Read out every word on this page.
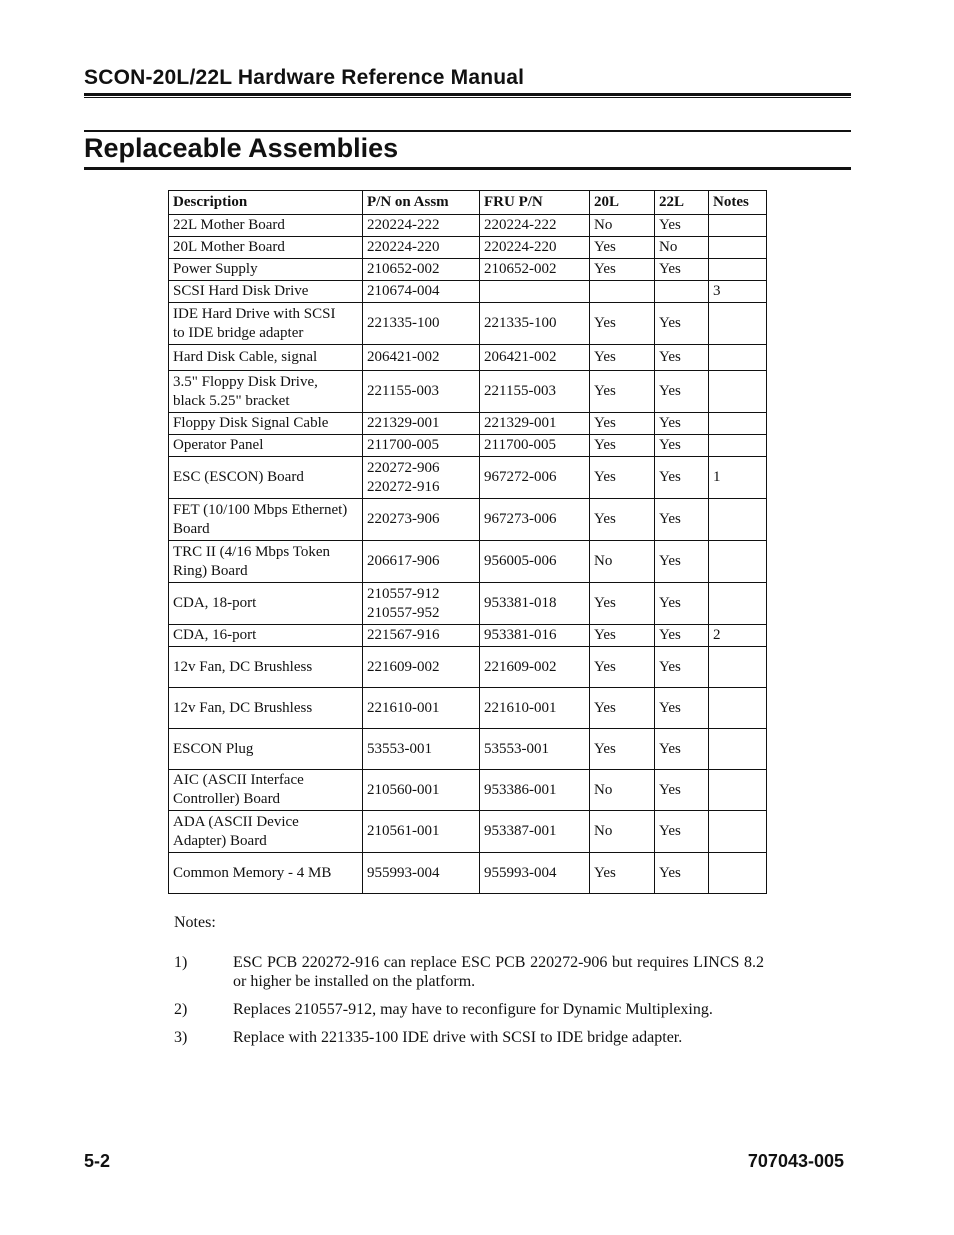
SCON-20L/22L Hardware Reference Manual
Replaceable Assemblies
Description	P/N on Assm	FRU P/N	20L	22L	Notes

22L Mother Board	220224-222	220224-222	No	Yes	

20L Mother Board	220224-220	220224-220	Yes	No	

Power Supply	210652-002	210652-002	Yes	Yes	

SCSI Hard Disk Drive	210674-004				3

IDE Hard Drive with SCSI
to IDE bridge adapter	221335-100	221335-100	Yes	Yes	

Hard Disk Cable, signal	206421-002	206421-002	Yes	Yes	

3.5" Floppy Disk Drive,
black 5.25" bracket	221155-003	221155-003	Yes	Yes	

Floppy Disk Signal Cable	221329-001	221329-001	Yes	Yes	

Operator Panel	211700-005	211700-005	Yes	Yes	

ESC (ESCON) Board	220272-906
220272-916	967272-006	Yes	Yes	1

FET (10/100 Mbps Ethernet)
Board	220273-906	967273-006	Yes	Yes	

TRC II (4/16 Mbps Token
Ring) Board	206617-906	956005-006	No	Yes	

CDA, 18-port	210557-912
210557-952	953381-018	Yes	Yes	

CDA, 16-port	221567-916	953381-016	Yes	Yes	2

12v Fan, DC Brushless	221609-002	221609-002	Yes	Yes	

12v Fan, DC Brushless	221610-001	221610-001	Yes	Yes	

ESCON Plug	53553-001	53553-001	Yes	Yes	

AIC (ASCII Interface
Controller) Board	210560-001	953386-001	No	Yes	

ADA (ASCII Device
Adapter) Board	210561-001	953387-001	No	Yes	

Common Memory - 4 MB	955993-004	955993-004	Yes	Yes	
Notes:
1)	ESC PCB 220272-916 can replace ESC PCB 220272-906 but requires LINCS 8.2 or higher be installed on the platform.
2)	Replaces 210557-912, may have to reconfigure for Dynamic Multiplexing.
3)	Replace with 221335-100 IDE drive with SCSI to IDE bridge adapter.
5-2	707043-005
